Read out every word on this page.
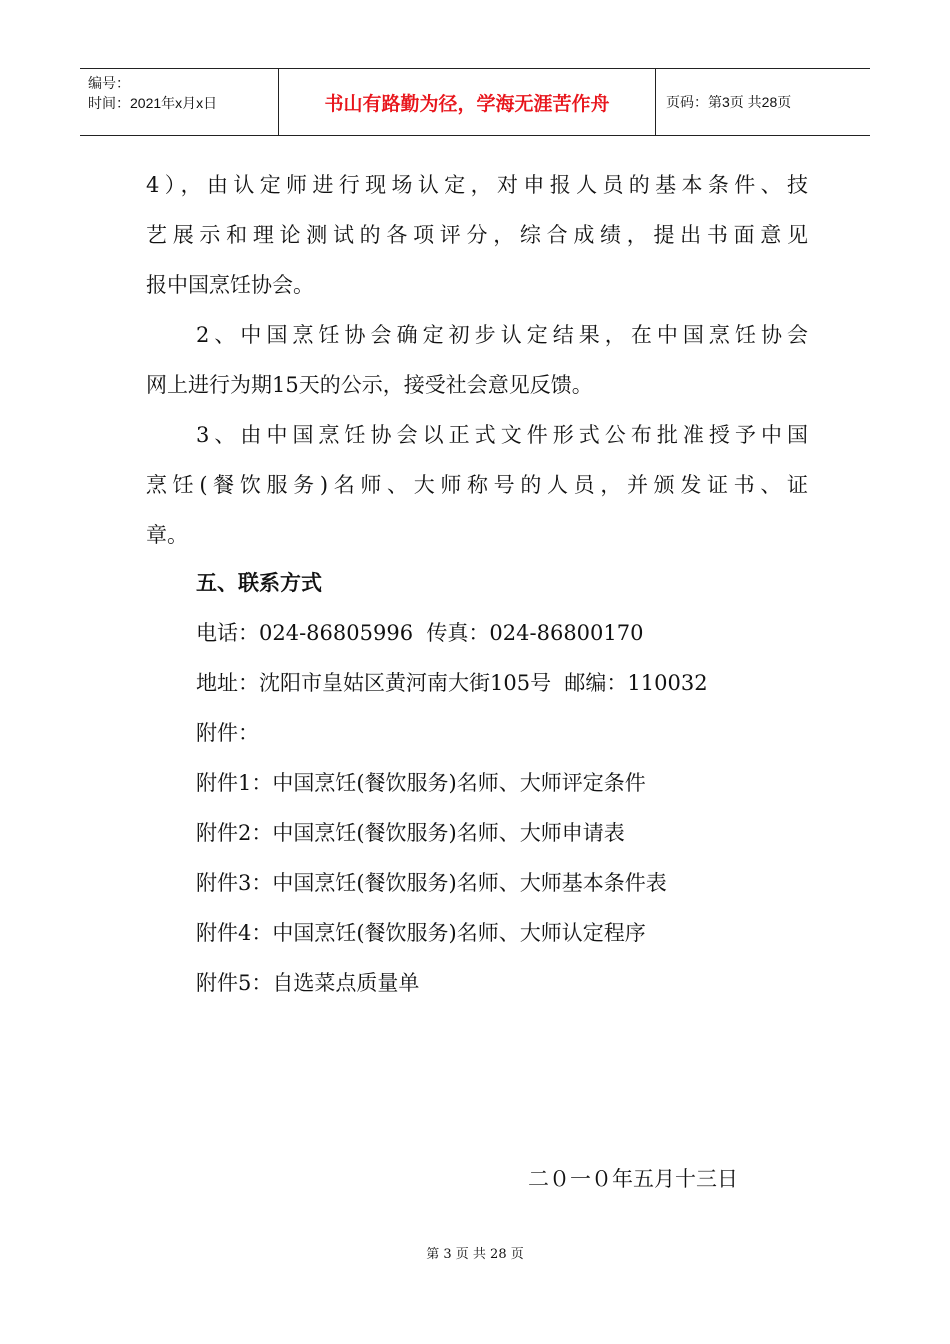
编号：
时间：2021年x月x日	书山有路勤为径，学海无涯苦作舟	页码：第3页 共28页
4），由认定师进行现场认定，对申报人员的基本条件、技
艺展示和理论测试的各项评分，综合成绩，提出书面意见
报中国烹饪协会。
2、中国烹饪协会确定初步认定结果，在中国烹饪协会
网上进行为期15天的公示，接受社会意见反馈。
3、由中国烹饪协会以正式文件形式公布批准授予中国
烹饪(餐饮服务)名师、大师称号的人员，并颁发证书、证
章。
五、联系方式
电话：024-86805996  传真：024-86800170
地址：沈阳市皇姑区黄河南大街105号  邮编：110032
附件：
附件1：中国烹饪(餐饮服务)名师、大师评定条件
附件2：中国烹饪(餐饮服务)名师、大师申请表
附件3：中国烹饪(餐饮服务)名师、大师基本条件表
附件4：中国烹饪(餐饮服务)名师、大师认定程序
附件5：自选菜点质量单
二０一０年五月十三日
第 3 页 共 28 页
